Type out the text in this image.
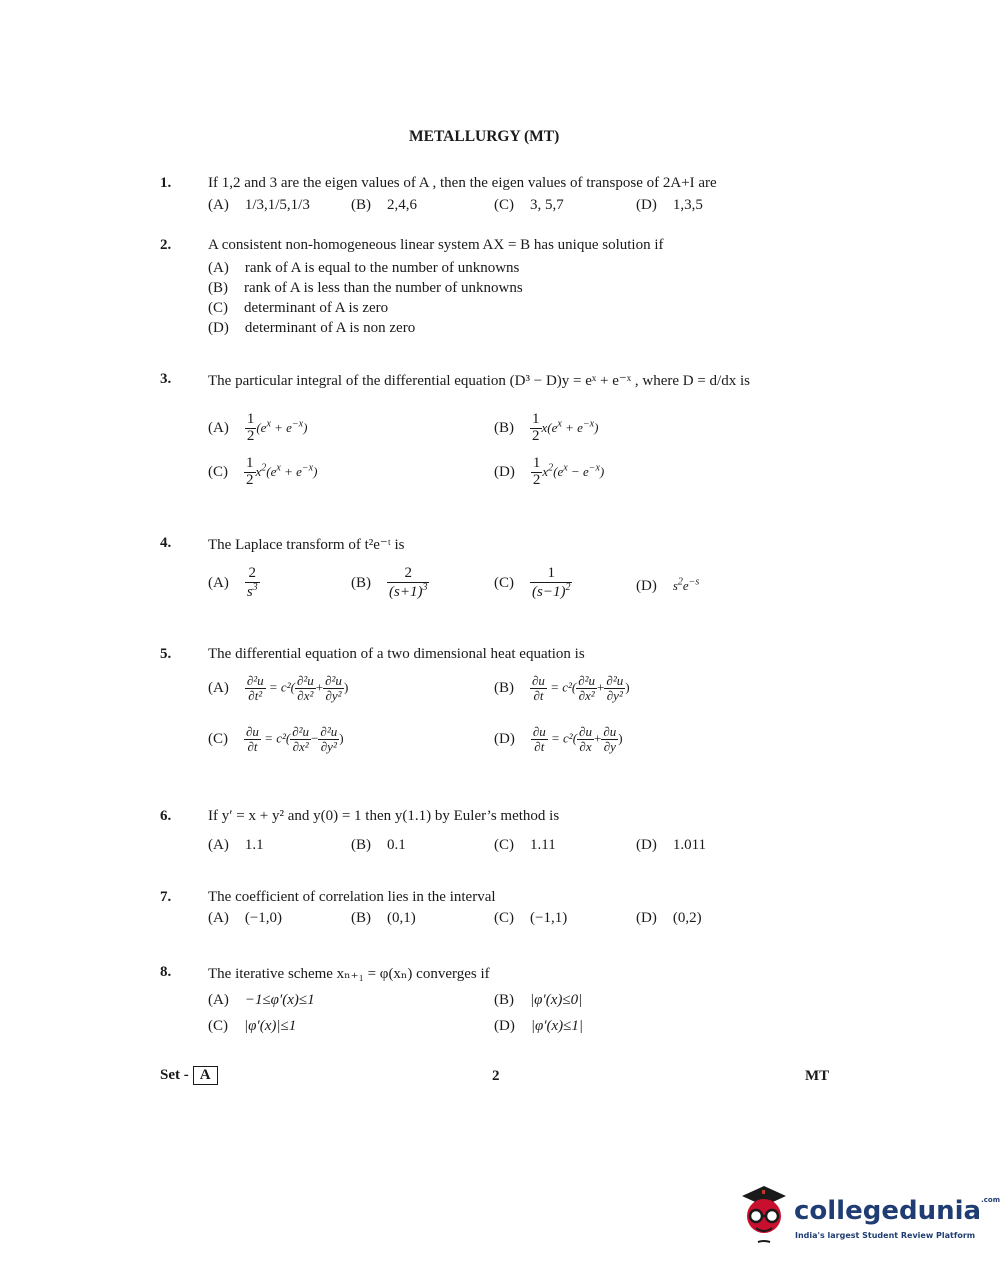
METALLURGY (MT)
1. If 1,2 and 3 are the eigen values of A , then the eigen values of transpose of 2A+I are
(A) 1/3,1/5,1/3	(B) 2,4,6	(C) 3, 5,7	(D) 1,3,5
2. A consistent non-homogeneous linear system AX = B has unique solution if
(A) rank of A is equal to the number of unknowns
(B) rank of A is less than the number of unknowns
(C) determinant of A is zero
(D) determinant of A is non zero
3. The particular integral of the differential equation (D³ − D)y = eˣ + e⁻ˣ , where D = d/dx is
$(A) \frac{1}{2} (e^x + e^{-x})$	$(B) \frac{1}{2} x(e^x + e^{-x})$
$(C) \frac{1}{2} x^2(e^x + e^{-x})$	$(D) \frac{1}{2} x^2(e^x - e^{-x})$
4. The Laplace transform of t²e⁻ᵗ is
$(A) \frac{2}{s^3}$	$(B) \frac{2}{(s+1)^3}$	$(C) \frac{1}{(s-1)^2}$	(D) $s^2e^{-s}$
5. The differential equation of a two dimensional heat equation is
$(A) \frac{\text{∂²u}}{\text{∂t²}} = c^2( \frac{\text{∂²u}}{\text{∂x²}} + \frac{\text{∂²u}}{\text{∂y²}}$ )	$(B) \frac{\partial u}{\partial t} = c^2( \frac{\text{∂²u}}{\text{∂x²}} + \frac{\text{∂²u}}{\text{∂y²}}$ )
$(C) \frac{\partial u}{\partial t} = c^2( \frac{\text{∂²u}}{\text{∂x²}} - \frac{\text{∂²u}}{\text{∂y²}}$ )	$(D) \frac{\partial u}{\partial t} = c^2( \frac{\partial u}{\partial x} + \frac{\partial u}{\partial y}$ )
6. If y′ = x + y² and y(0) = 1 then y(1.1) by Euler’s method is
(A) 1.1	(B) 0.1	(C) 1.11	(D) 1.011
7. The coefficient of correlation lies in the interval
(A) (−1,0)	(B) (0,1)	(C) (−1,1)	(D) (0,2)
8. The iterative scheme xₙ₊₁ = φ(xₙ) converges if
(A) −1≤φ′(x)≤1	(B) |φ′(x)≤0|
(C) |φ′(x)|≤1	(D) |φ′(x)≤1|
Set - A	2	MT
collegedunia$^{.com}$
India's largest Student Review Platform
